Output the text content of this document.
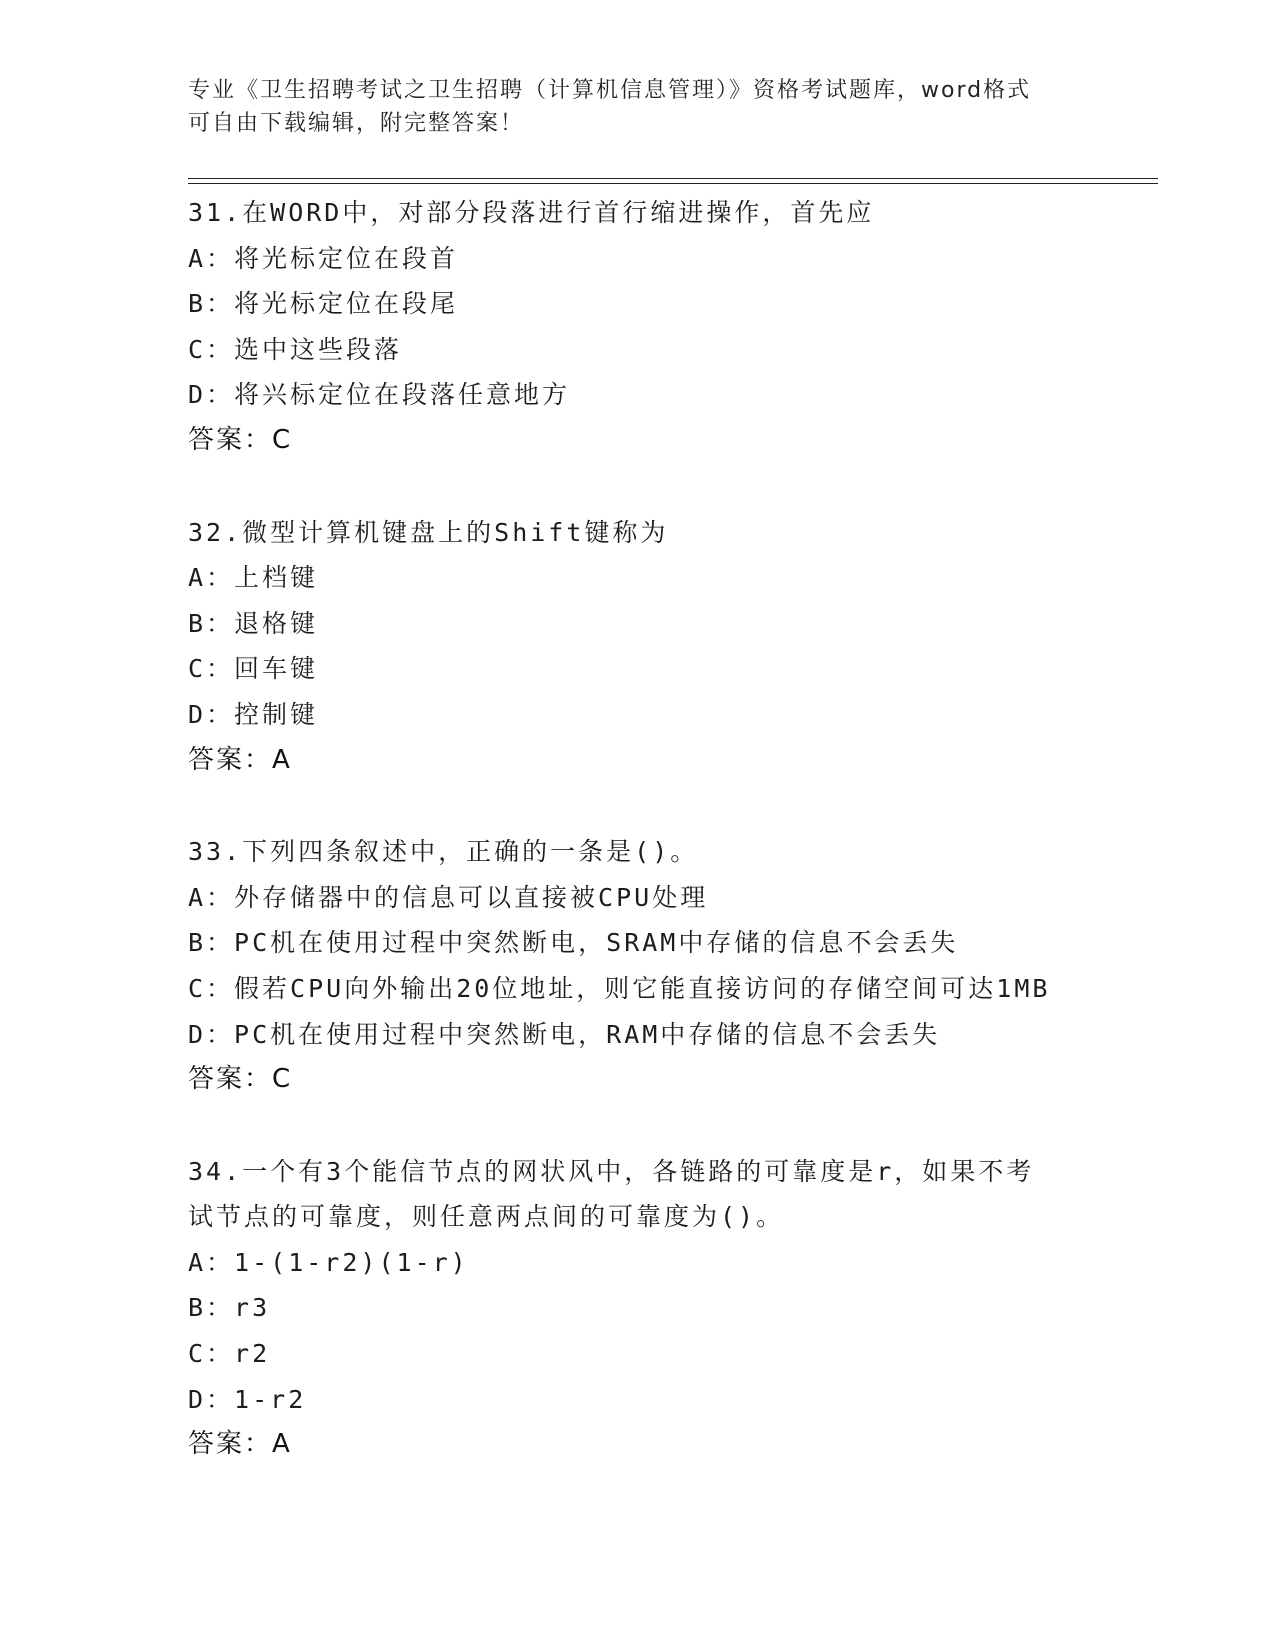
专业《卫生招聘考试之卫生招聘（计算机信息管理）》资格考试题库，word格式
可自由下载编辑，附完整答案！
31.在WORD中，对部分段落进行首行缩进操作，首先应
A：将光标定位在段首
B：将光标定位在段尾
C：选中这些段落
D：将兴标定位在段落任意地方
答案：C
32.微型计算机键盘上的Shift键称为
A：上档键
B：退格键
C：回车键
D：控制键
答案：A
33.下列四条叙述中，正确的一条是()。
A：外存储器中的信息可以直接被CPU处理
B：PC机在使用过程中突然断电，SRAM中存储的信息不会丢失
C：假若CPU向外输出20位地址，则它能直接访问的存储空间可达1MB
D：PC机在使用过程中突然断电，RAM中存储的信息不会丢失
答案：C
34.一个有3个能信节点的网状风中，各链路的可靠度是r，如果不考
试节点的可靠度，则任意两点间的可靠度为()。
A：1-(1-r2)(1-r)
B：r3
C：r2
D：1-r2
答案：A
